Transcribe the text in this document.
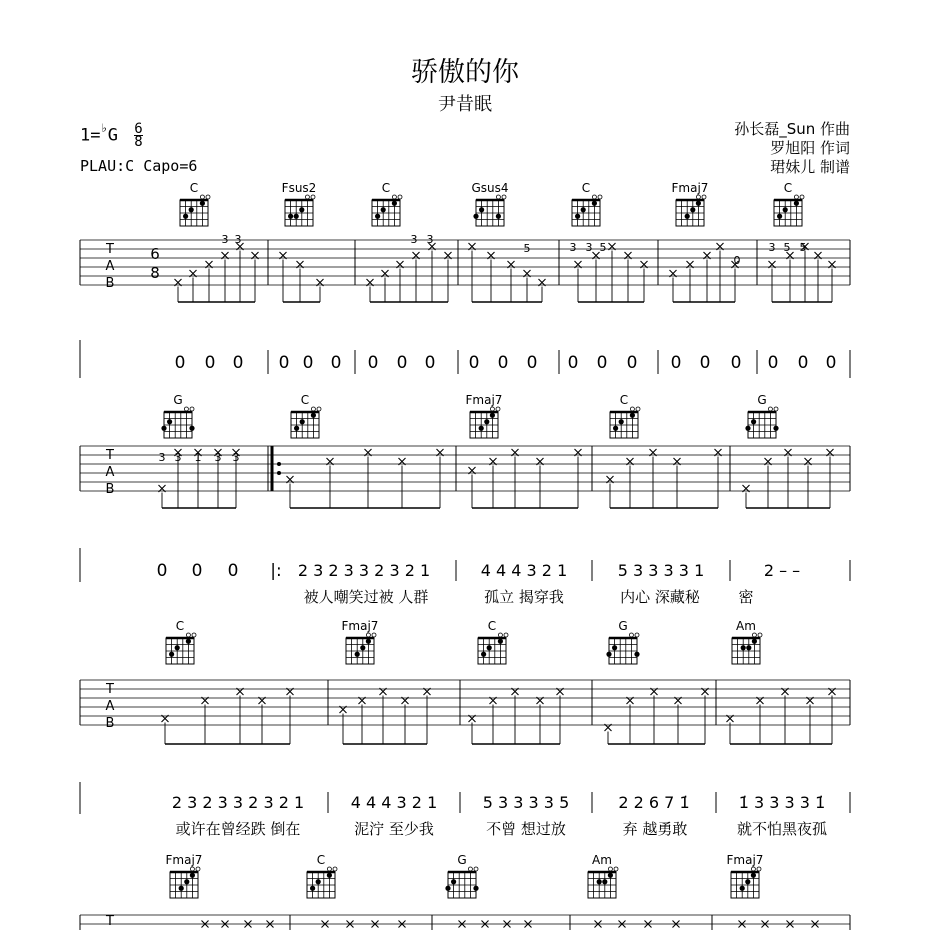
骄傲的你
尹昔眠
$1=^♭G \frac{6}{8}$
PLAU:C Capo=6
孙长磊_Sun 作曲
罗旭阳 作词
珺妹儿 制谱
C	Fsus2	C	Gsus4	C	Fmaj7	C
T
A
B
6
8
3 3	3 3
3 3 5
5
0
3 5 5
0 0 0 0 0 0 0 0 0 0 0 0 0 0 0 0 0 0 0 0 0
G	C	Fmaj7	C	G
T
A
B
3 3 1 3 3
0 0 0 |: 2 3 2 3 3 2 3 2 1	4 4 4 3 2 1	5 3 3 3 3 1	2 – –
被人嘲笑过被 人群	孤立 揭穿我	内心 深藏秘	密
C	Fmaj7	C	G	Am
T
A
B
2 3 2 3 3 2 3 2 1	4 4 4 3 2 1	5 3 3 3 3 5	2 2 6 7 1̇	1̇ 3 3 3 3 1̇
或许在曾经跌 倒在	泥泞 至少我	不曾 想过放	弃 越勇敢	就不怕黑夜孤
Fmaj7	C	G	Am	Fmaj7
T
